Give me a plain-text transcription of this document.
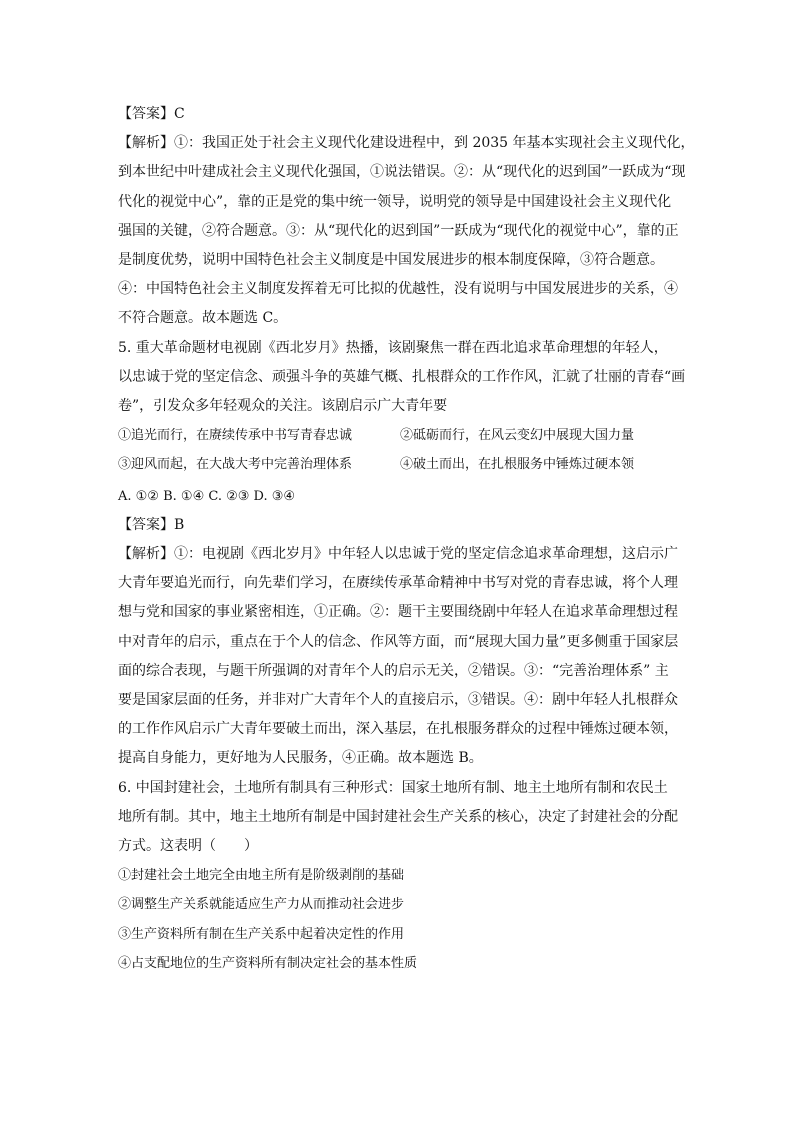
【答案】C
【解析】①：我国正处于社会主义现代化建设进程中，到 2035 年基本实现社会主义现代化，
到本世纪中叶建成社会主义现代化强国，①说法错误。②：从“现代化的迟到国”一跃成为“现
代化的视觉中心”，靠的正是党的集中统一领导，说明党的领导是中国建设社会主义现代化
强国的关键，②符合题意。③：从“现代化的迟到国”一跃成为“现代化的视觉中心”，靠的正
是制度优势，说明中国特色社会主义制度是中国发展进步的根本制度保障，③符合题意。
④：中国特色社会主义制度发挥着无可比拟的优越性，没有说明与中国发展进步的关系，④
不符合题意。故本题选 C。
5. 重大革命题材电视剧《西北岁月》热播，该剧聚焦一群在西北追求革命理想的年轻人，
以忠诚于党的坚定信念、顽强斗争的英雄气概、扎根群众的工作作风，汇就了壮丽的青春“画
卷”，引发众多年轻观众的关注。该剧启示广大青年要
①追光而行，在赓续传承中书写青春忠诚	②砥砺而行，在风云变幻中展现大国力量
③迎风而起，在大战大考中完善治理体系	④破土而出，在扎根服务中锤炼过硬本领
A. ①② B. ①④ C. ②③ D. ③④
【答案】B
【解析】①：电视剧《西北岁月》中年轻人以忠诚于党的坚定信念追求革命理想，这启示广
大青年要追光而行，向先辈们学习，在赓续传承革命精神中书写对党的青春忠诚，将个人理
想与党和国家的事业紧密相连，①正确。②：题干主要围绕剧中年轻人在追求革命理想过程
中对青年的启示，重点在于个人的信念、作风等方面，而“展现大国力量”更多侧重于国家层
面的综合表现，与题干所强调的对青年个人的启示无关，②错误。③：“完善治理体系” 主
要是国家层面的任务，并非对广大青年个人的直接启示，③错误。④：剧中年轻人扎根群众
的工作作风启示广大青年要破土而出，深入基层，在扎根服务群众的过程中锤炼过硬本领，
提高自身能力，更好地为人民服务，④正确。故本题选 B。
6. 中国封建社会，土地所有制具有三种形式：国家土地所有制、地主土地所有制和农民土
地所有制。其中，地主土地所有制是中国封建社会生产关系的核心，决定了封建社会的分配
方式。这表明（　　）
①封建社会土地完全由地主所有是阶级剥削的基础
②调整生产关系就能适应生产力从而推动社会进步
③生产资料所有制在生产关系中起着决定性的作用
④占支配地位的生产资料所有制决定社会的基本性质
